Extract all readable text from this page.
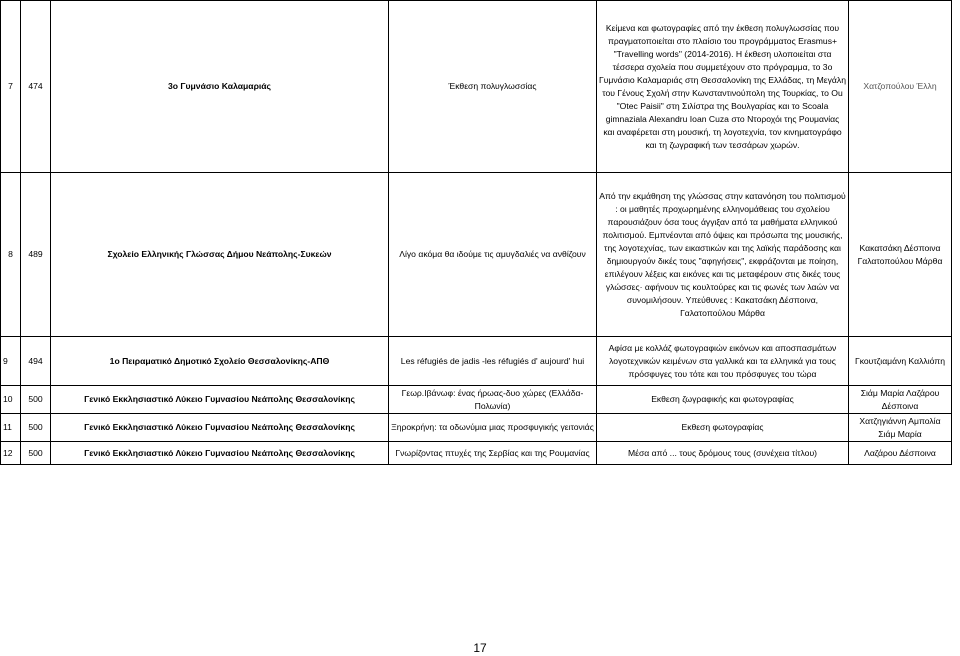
7	474	3ο Γυμνάσιο Καλαμαριάς	Έκθεση πολυγλωσσίας	Κείμενα και φωτογραφίες από την έκθεση πολυγλωσσίας που πραγματοποιείται στο πλαίσιο του προγράμματος Erasmus+ "Travelling words" (2014-2016). Η έκθεση υλοποιείται στα τέσσερα σχολεία που συμμετέχουν στο πρόγραμμα, το 3ο Γυμνάσιο Καλαμαριάς στη Θεσσαλονίκη της Ελλάδας, τη Μεγάλη του Γένους Σχολή στην Κωνσταντινούπολη της Τουρκίας, το Ou "Otec Paisii" στη Σιλίστρα της Βουλγαρίας και το Scoala gimnaziala Alexandru Ioan Cuza στο Ντοροχόι της Ρουμανίας και αναφέρεται στη μουσική, τη λογοτεχνία, τον κινηματογράφο και τη ζωγραφική των τεσσάρων χωρών.	Χατζοπούλου Έλλη
8	489	Σχολείο Ελληνικής Γλώσσας Δήμου Νεάπολης-Συκεών	Λίγο ακόμα θα ιδούμε τις αμυγδαλιές να ανθίζουν	Από την εκμάθηση της γλώσσας στην κατανόηση του πολιτισμού : οι μαθητές προχωρημένης ελληνομάθειας του σχολείου παρουσιάζουν όσα τους άγγιξαν από τα μαθήματα ελληνικού πολιτισμού. Εμπνέονται από όψεις και πρόσωπα της μουσικής, της λογοτεχνίας, των εικαστικών και της λαϊκής παράδοσης και δημιουργούν δικές τους "αφηγήσεις", εκφράζονται με ποίηση, επιλέγουν λέξεις και εικόνες και τις μεταφέρουν στις δικές τους γλώσσες· αφήνουν τις κουλτούρες και τις φωνές των λαών να συνομιλήσουν. Υπεύθυνες : Κακατσάκη Δέσποινα, Γαλατοπούλου Μάρθα	Κακατσάκη Δέσποινα Γαλατοπούλου Μάρθα
9	494	1ο Πειραματικό Δημοτικό Σχολείο Θεσσαλονίκης-ΑΠΘ	Les réfugiés de jadis -les réfugiés d' aujourd' hui	Αφίσα με κολλάζ φωτογραφιών εικόνων και αποσπασμάτων λογοτεχνικών κειμένων στα γαλλικά και τα ελληνικά για τους πρόσφυγες του τότε και του πρόσφυγες του τώρα	Γκουτζιαμάνη Καλλιόπη
10	500	Γενικό Εκκλησιαστικό Λύκειο Γυμνασίου Νεάπολης Θεσσαλονίκης	Γεωρ.Ιβάνωφ: ένας ήρωας-δυο χώρες (Ελλάδα-Πολωνία)	Εκθεση ζωγραφικής και φωτογραφίας	Σιάμ Μαρία Λαζάρου Δέσποινα
11	500	Γενικό Εκκλησιαστικό Λύκειο Γυμνασίου Νεάπολης Θεσσαλονίκης	Ξηροκρήνη: τα οδωνύμια μιας προσφυγικής γειτονιάς	Εκθεση φωτογραφίας	Χατζηγιάννη Αμπολία Σιάμ Μαρία
12	500	Γενικό Εκκλησιαστικό Λύκειο Γυμνασίου Νεάπολης Θεσσαλονίκης	Γνωρίζοντας πτυχές της Σερβίας και της Ρουμανίας	Μέσα από ... τους δρόμους τους (συνέχεια τίτλου)	Λαζάρου Δέσποινα
17
